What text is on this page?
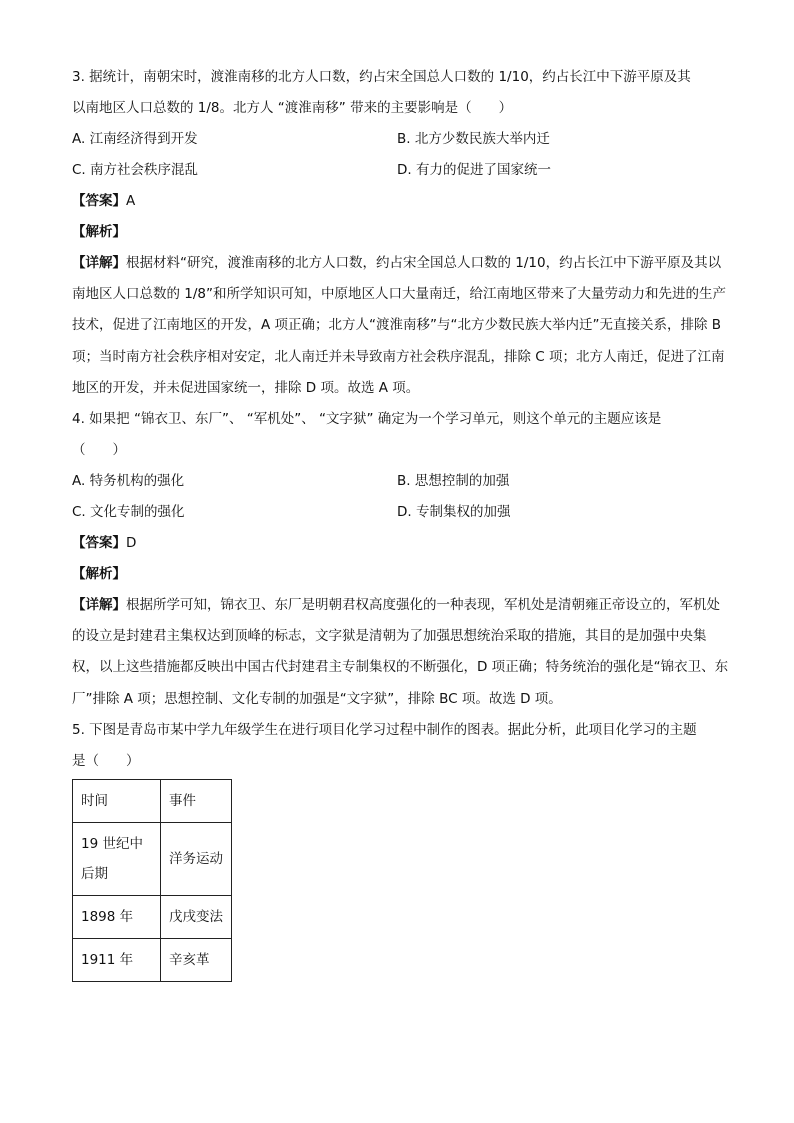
3. 据统计，南朝宋时，渡淮南移的北方人口数，约占宋全国总人口数的 1/10，约占长江中下游平原及其
以南地区人口总数的 1/8。北方人 “渡淮南移” 带来的主要影响是（　　）
A. 江南经济得到开发	B. 北方少数民族大举内迁
C. 南方社会秩序混乱	D. 有力的促进了国家统一
【答案】A
【解析】
【详解】根据材料“研究，渡淮南移的北方人口数，约占宋全国总人口数的 1/10，约占长江中下游平原及其以南地区人口总数的 1/8”和所学知识可知，中原地区人口大量南迁，给江南地区带来了大量劳动力和先进的生产技术，促进了江南地区的开发，A 项正确；北方人“渡淮南移”与“北方少数民族大举内迁”无直接关系，排除 B 项；当时南方社会秩序相对安定，北人南迁并未导致南方社会秩序混乱，排除 C 项；北方人南迁，促进了江南地区的开发，并未促进国家统一，排除 D 项。故选 A 项。
4. 如果把 “锦衣卫、东厂”、 “军机处”、 “文字狱” 确定为一个学习单元，则这个单元的主题应该是
（　　）
A. 特务机构的强化	B. 思想控制的加强
C. 文化专制的强化	D. 专制集权的加强
【答案】D
【解析】
【详解】根据所学可知，锦衣卫、东厂是明朝君权高度强化的一种表现，军机处是清朝雍正帝设立的，军机处的设立是封建君主集权达到顶峰的标志，文字狱是清朝为了加强思想统治采取的措施，其目的是加强中央集权，以上这些措施都反映出中国古代封建君主专制集权的不断强化，D 项正确；特务统治的强化是“锦衣卫、东厂”排除 A 项；思想控制、文化专制的加强是“文字狱”，排除 BC 项。故选 D 项。
5. 下图是青岛市某中学九年级学生在进行项目化学习过程中制作的图表。据此分析，此项目化学习的主题
是（　　）
时间	事件
19 世纪中后期	洋务运动
1898 年	戊戌变法
1911 年	辛亥革
